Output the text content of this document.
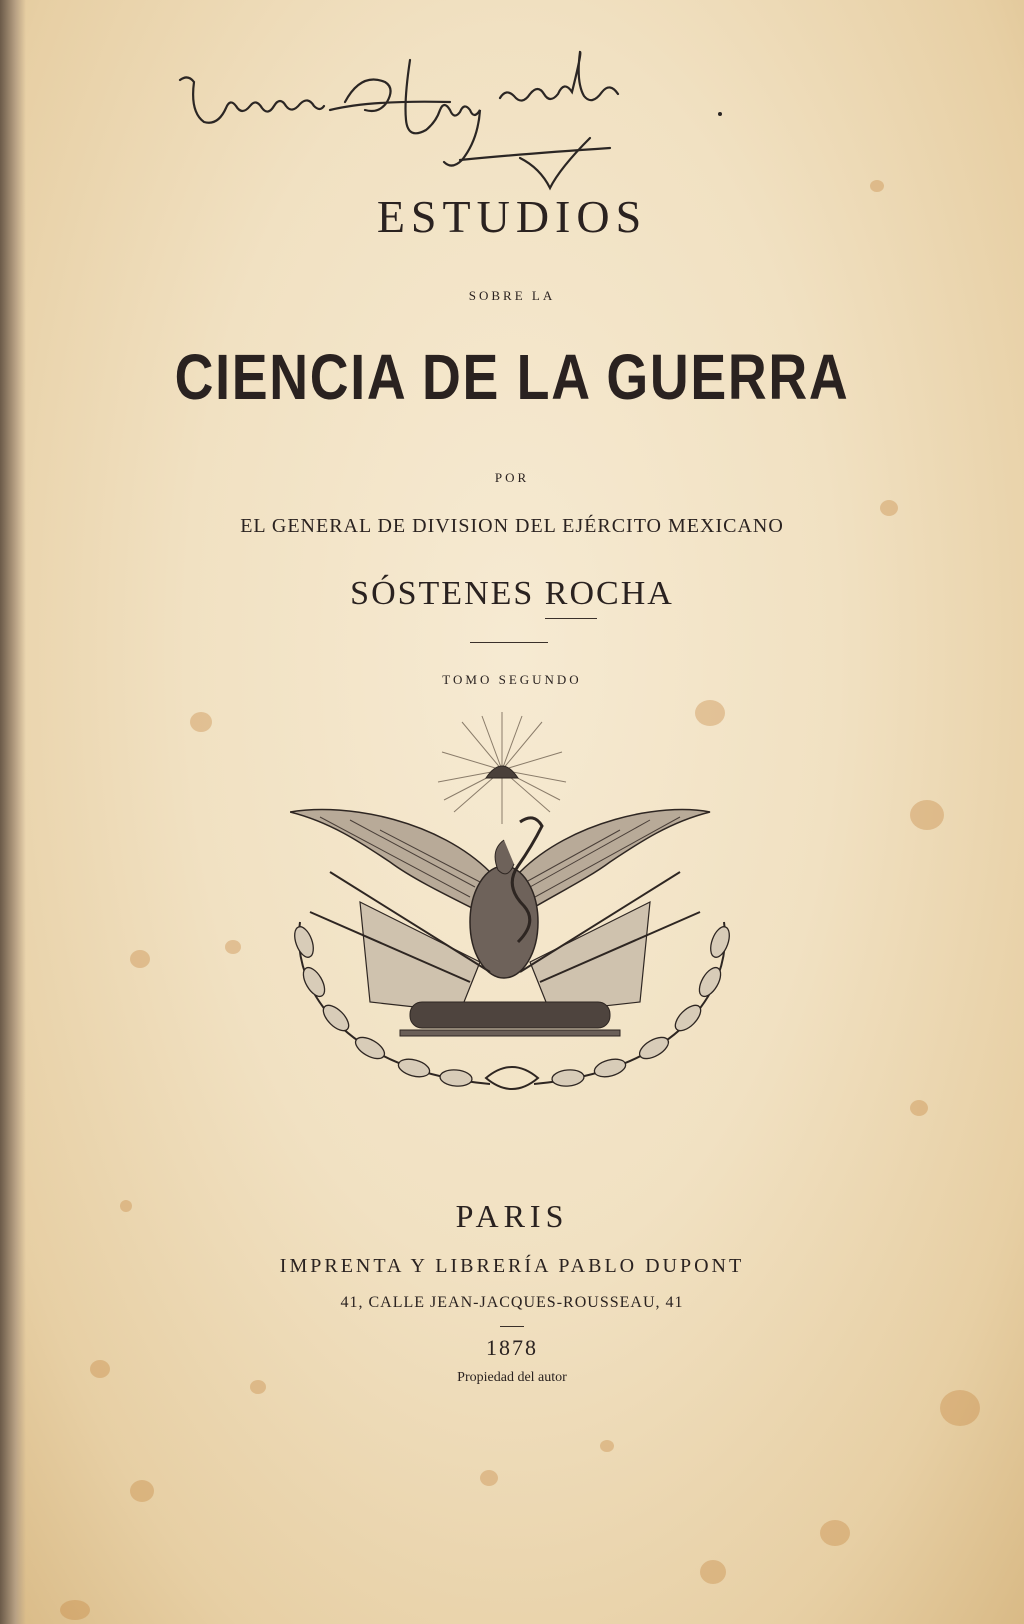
ESTUDIOS
SOBRE LA
CIENCIA DE LA GUERRA
POR
EL GENERAL DE DIVISION DEL EJÉRCITO MEXICANO
SÓSTENES ROCHA
TOMO SEGUNDO
PARIS
IMPRENTA Y LIBRERÍA PABLO DUPONT
41, CALLE JEAN-JACQUES-ROUSSEAU, 41
1878
Propiedad del autor
